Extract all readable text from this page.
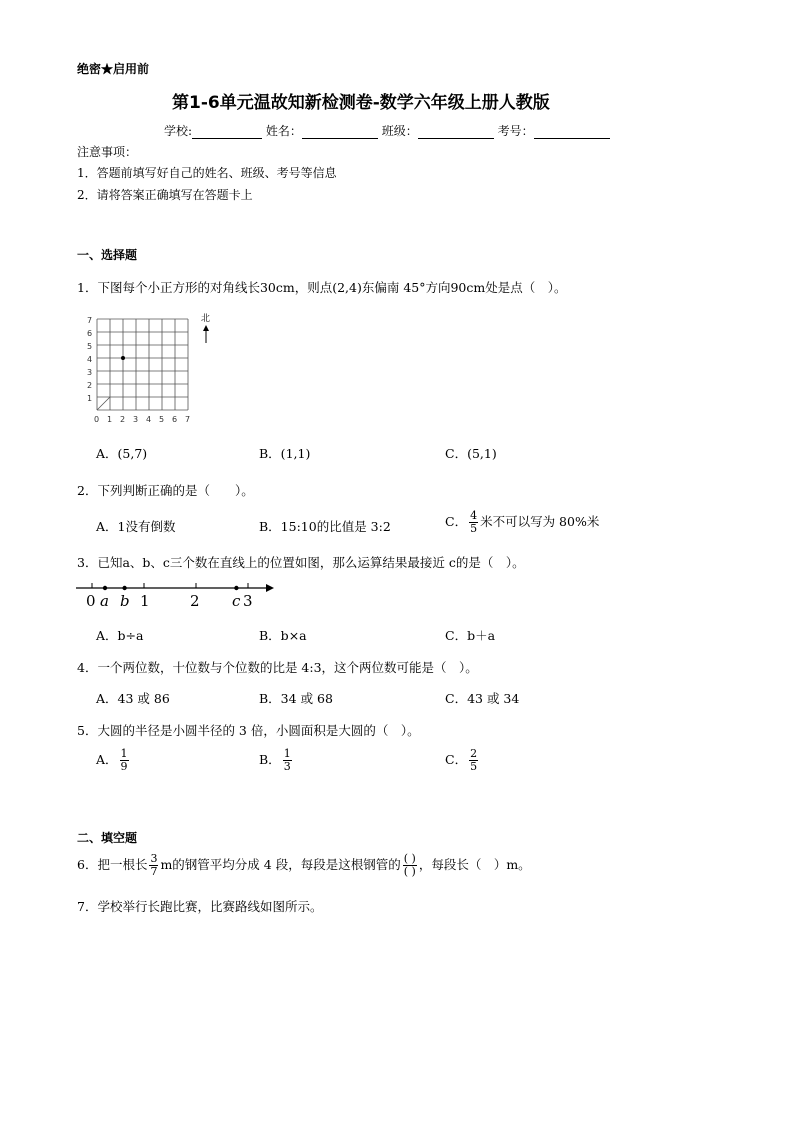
绝密★启用前
第1-6单元温故知新检测卷-数学六年级上册人教版
学校:	姓名：	班级：	考号：
注意事项：
1．答题前填写好自己的姓名、班级、考号等信息
2．请将答案正确填写在答题卡上
一、选择题
1．下图每个小正方形的对角线长30cm，则点(2,4)东偏南 45°方向90cm处是点（　）。
7
6
5
4
3
2
1
0 1 2 3 4 5 6 7
北
A．(5,7)	B．(1,1)	C．(5,1)
2．下列判断正确的是（　　）。
A．1没有倒数	B．15:10的比值是 3:2	C． $\frac{4}{5}$ 米不可以写为 80%米
3．已知a、b、c三个数在直线上的位置如图，那么运算结果最接近 c的是（　）。
0	1	2	3
a b	c
A．b÷a	B．b×a	C．b＋a
4．一个两位数，十位数与个位数的比是 4:3，这个两位数可能是（　）。
A．43 或 86	B．34 或 68	C．43 或 34
5．大圆的半径是小圆半径的 3 倍，小圆面积是大圆的（　）。
A． $\frac{1}{9}$	B． $\frac{1}{3}$	C． $\frac{2}{5}$
二、填空题
6．把一根长 $\frac{3}{7}$ m的钢管平均分成 4 段，每段是这根钢管的 $\frac{( )}{( )}$ ，每段长（　）m。
7．学校举行长跑比赛，比赛路线如图所示。
